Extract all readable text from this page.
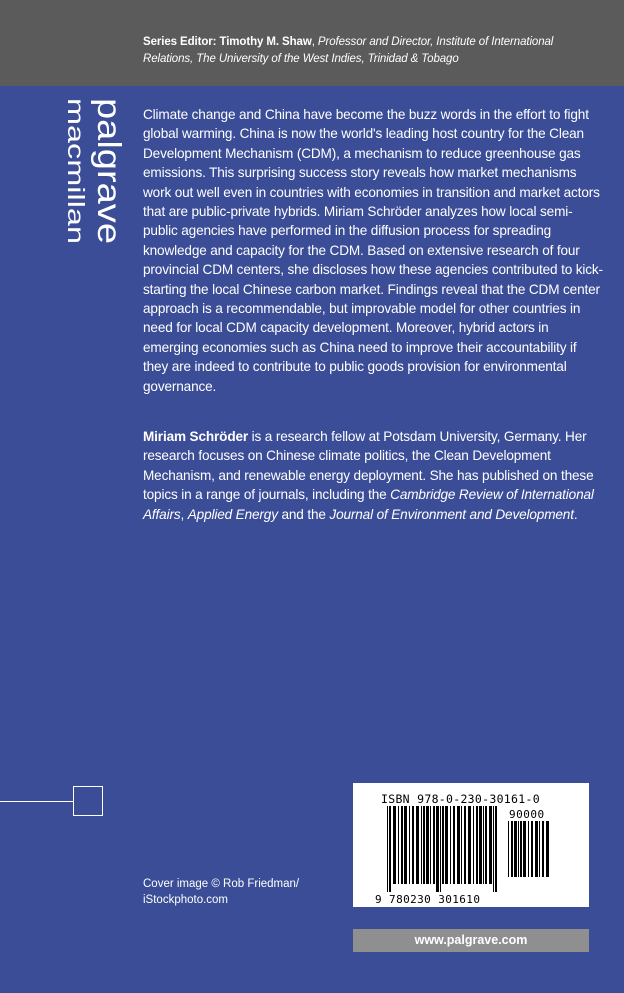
Series Editor: Timothy M. Shaw, Professor and Director, Institute of International Relations, The University of the West Indies, Trinidad & Tobago
palgrave
macmillan	Climate change and China have become the buzz words in the effort to fight global warming. China is now the world's leading host country for the Clean Development Mechanism (CDM), a mechanism to reduce greenhouse gas emissions. This surprising success story reveals how market mechanisms work out well even in countries with economies in transition and market actors that are public-private hybrids. Miriam Schröder analyzes how local semi-public agencies have performed in the diffusion process for spreading knowledge and capacity for the CDM. Based on extensive research of four provincial CDM centers, she discloses how these agencies contributed to kick-starting the local Chinese carbon market. Findings reveal that the CDM center approach is a recommendable, but improvable model for other countries in need for local CDM capacity development. Moreover, hybrid actors in emerging economies such as China need to improve their accountability if they are indeed to contribute to public goods provision for environmental governance.

Miriam Schröder is a research fellow at Potsdam University, Germany. Her research focuses on Chinese climate politics, the Clean Development Mechanism, and renewable energy deployment. She has published on these topics in a range of journals, including the Cambridge Review of International Affairs, Applied Energy and the Journal of Environment and Development.

Cover image © Rob Friedman/
iStockphoto.com
ISBN 978-0-230-30161-0
90000
9 780230 301610
www.palgrave.com
